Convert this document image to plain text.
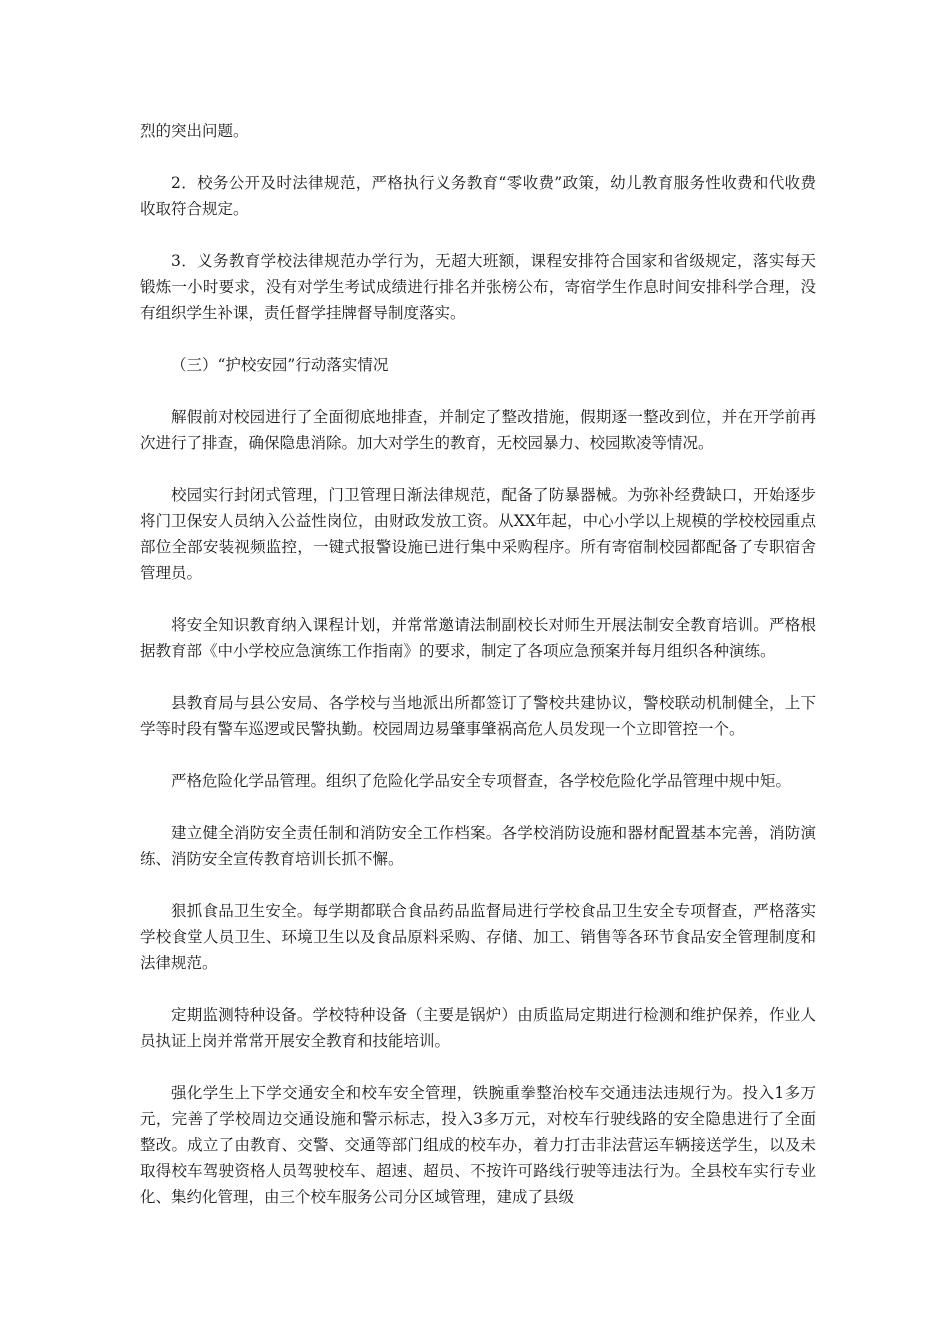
烈的突出问题。

2．校务公开及时法律规范，严格执行义务教育“零收费”政策，幼儿教育服务性收费和代收费收取符合规定。

3．义务教育学校法律规范办学行为，无超大班额，课程安排符合国家和省级规定，落实每天锻炼一小时要求，没有对学生考试成绩进行排名并张榜公布，寄宿学生作息时间安排科学合理，没有组织学生补课，责任督学挂牌督导制度落实。

（三）“护校安园”行动落实情况

解假前对校园进行了全面彻底地排查，并制定了整改措施，假期逐一整改到位，并在开学前再次进行了排查，确保隐患消除。加大对学生的教育，无校园暴力、校园欺凌等情况。

校园实行封闭式管理，门卫管理日渐法律规范，配备了防暴器械。为弥补经费缺口，开始逐步将门卫保安人员纳入公益性岗位，由财政发放工资。从XX年起，中心小学以上规模的学校校园重点部位全部安装视频监控，一键式报警设施已进行集中采购程序。所有寄宿制校园都配备了专职宿舍管理员。

将安全知识教育纳入课程计划，并常常邀请法制副校长对师生开展法制安全教育培训。严格根据教育部《中小学校应急演练工作指南》的要求，制定了各项应急预案并每月组织各种演练。

县教育局与县公安局、各学校与当地派出所都签订了警校共建协议，警校联动机制健全，上下学等时段有警车巡逻或民警执勤。校园周边易肇事肇祸高危人员发现一个立即管控一个。

严格危险化学品管理。组织了危险化学品安全专项督查，各学校危险化学品管理中规中矩。

建立健全消防安全责任制和消防安全工作档案。各学校消防设施和器材配置基本完善，消防演练、消防安全宣传教育培训长抓不懈。

狠抓食品卫生安全。每学期都联合食品药品监督局进行学校食品卫生安全专项督查，严格落实学校食堂人员卫生、环境卫生以及食品原料采购、存储、加工、销售等各环节食品安全管理制度和法律规范。

定期监测特种设备。学校特种设备（主要是锅炉）由质监局定期进行检测和维护保养，作业人员执证上岗并常常开展安全教育和技能培训。

强化学生上下学交通安全和校车安全管理，铁腕重拳整治校车交通违法违规行为。投入1多万元，完善了学校周边交通设施和警示标志，投入3多万元，对校车行驶线路的安全隐患进行了全面整改。成立了由教育、交警、交通等部门组成的校车办，着力打击非法营运车辆接送学生，以及未取得校车驾驶资格人员驾驶校车、超速、超员、不按许可路线行驶等违法行为。全县校车实行专业化、集约化管理，由三个校车服务公司分区域管理，建成了县级
